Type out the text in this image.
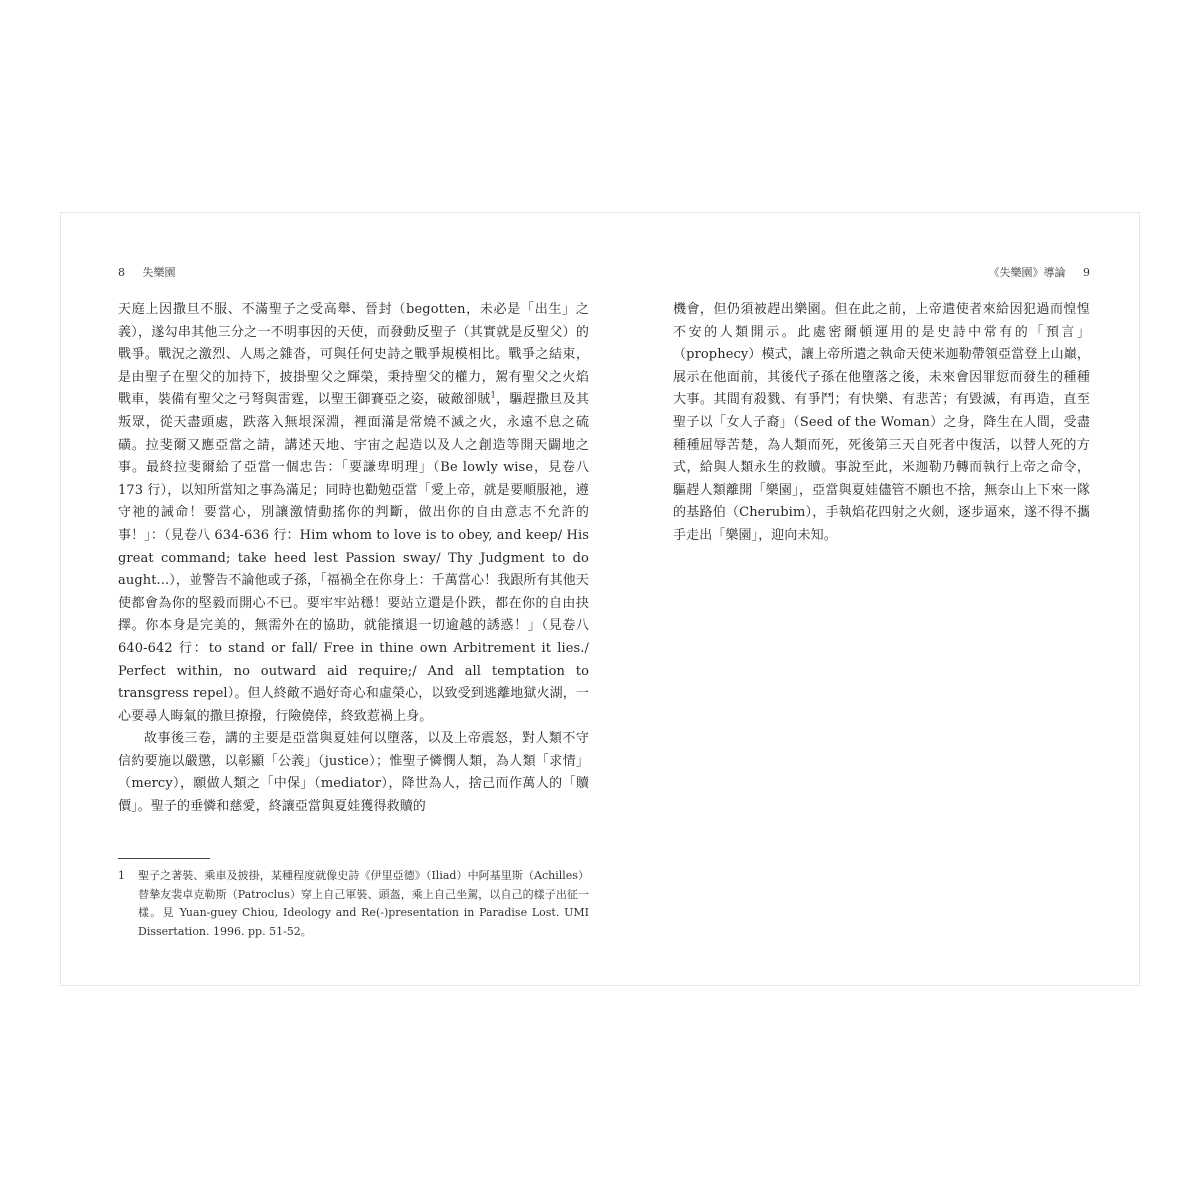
8 失樂園

天庭上因撒旦不服、不滿聖子之受高舉、晉封（begotten，未必是「出生」之義），遂勾串其他三分之一不明事因的天使，而發動反聖子（其實就是反聖父）的戰爭。戰況之激烈、人馬之雜沓，可與任何史詩之戰爭規模相比。戰爭之結束，是由聖子在聖父的加持下，披掛聖父之輝榮，秉持聖父的權力，駕有聖父之火焰戰車，裝備有聖父之弓弩與雷霆，以聖王御賽亞之姿，破敵卻賊$^1$，驅趕撒旦及其叛眾，從天盡頭處，跌落入無垠深淵，裡面滿是常燒不滅之火，永遠不息之硫磺。拉斐爾又應亞當之請，講述天地、宇宙之起造以及人之創造等開天闢地之事。最終拉斐爾給了亞當一個忠告：「要謙卑明理」（Be lowly wise，見卷八 173 行），以知所當知之事為滿足；同時也勸勉亞當「愛上帝，就是要順服祂，遵守祂的誡命！要當心，別讓激情動搖你的判斷，做出你的自由意志不允許的事！」：（見卷八 634-636 行：Him whom to love is to obey, and keep/ His great command; take heed lest Passion sway/ Thy Judgment to do aught...），並警告不論他或子孫，「福禍全在你身上：千萬當心！我跟所有其他天使都會為你的堅毅而開心不已。要牢牢站穩！要站立還是仆跌，都在你的自由抉擇。你本身是完美的，無需外在的協助，就能擯退一切逾越的誘惑！」（見卷八 640-642 行：to stand or fall/ Free in thine own Arbitrement it lies./ Perfect within, no outward aid require;/ And all temptation to transgress repel）。但人終敵不過好奇心和虛榮心，以致受到逃離地獄火湖，一心要尋人晦氣的撒旦撩撥，行險僥倖，終致惹禍上身。

故事後三卷，講的主要是亞當與夏娃何以墮落，以及上帝震怒，對人類不守信約要施以嚴懲，以彰顯「公義」（justice）；惟聖子憐憫人類，為人類「求情」（mercy），願做人類之「中保」（mediator），降世為人，捨己而作萬人的「贖價」。聖子的垂憐和慈愛，終讓亞當與夏娃獲得救贖的

1 聖子之著裝、乘車及披掛，某種程度就像史詩《伊里亞德》（Iliad）中阿基里斯（Achilles）替摯友裴卓克勒斯（Patroclus）穿上自己軍裝、頭盔，乘上自己坐駕，以自己的樣子出征一樣。見 Yuan-guey Chiou, Ideology and Re(-)presentation in Paradise Lost. UMI Dissertation. 1996. pp. 51-52。
《失樂園》導論 9

機會，但仍須被趕出樂園。但在此之前，上帝遣使者來給因犯過而惶惶不安的人類開示。此處密爾頓運用的是史詩中常有的「預言」（prophecy）模式，讓上帝所遣之執命天使米迦勒帶領亞當登上山巔，展示在他面前，其後代子孫在他墮落之後，未來會因罪愆而發生的種種大事。其間有殺戮、有爭鬥；有快樂、有悲苦；有毀滅，有再造，直至聖子以「女人子裔」（Seed of the Woman）之身，降生在人間，受盡種種屈辱苦楚，為人類而死，死後第三天自死者中復活，以替人死的方式，給與人類永生的救贖。事說至此，米迦勒乃轉而執行上帝之命令，驅趕人類離開「樂園」，亞當與夏娃儘管不願也不捨，無奈山上下來一隊的基路伯（Cherubim），手執焰花四射之火劍，逐步逼來，遂不得不攜手走出「樂園」，迎向未知。
